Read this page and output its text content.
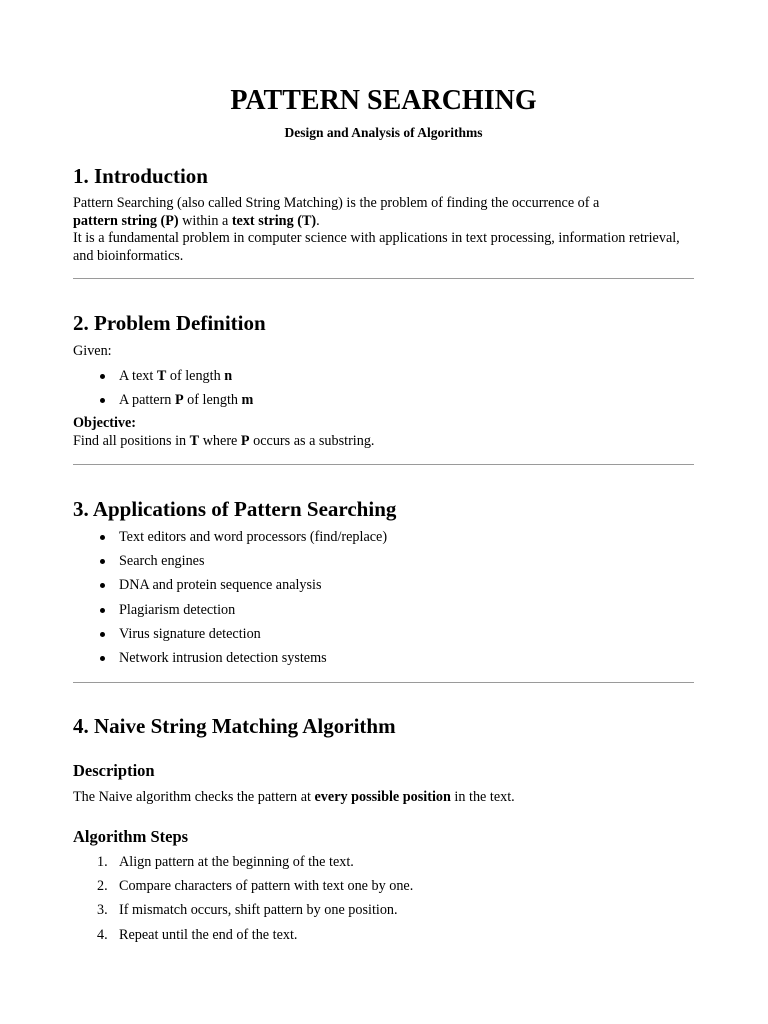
PATTERN SEARCHING
Design and Analysis of Algorithms
1. Introduction

Pattern Searching (also called String Matching) is the problem of finding the occurrence of a
pattern string (P) within a text string (T).
It is a fundamental problem in computer science with applications in text processing, information retrieval, and bioinformatics.

2. Problem Definition

Given:

A text T of length n
A pattern P of length m

Objective:
Find all positions in T where P occurs as a substring.

3. Applications of Pattern Searching
Text editors and word processors (find/replace)
Search engines
DNA and protein sequence analysis
Plagiarism detection
Virus signature detection
Network intrusion detection systems
4. Naive String Matching Algorithm
Description

The Naive algorithm checks the pattern at every possible position in the text.

Algorithm Steps
1. Align pattern at the beginning of the text.
2. Compare characters of pattern with text one by one.
3. If mismatch occurs, shift pattern by one position.
4. Repeat until the end of the text.
